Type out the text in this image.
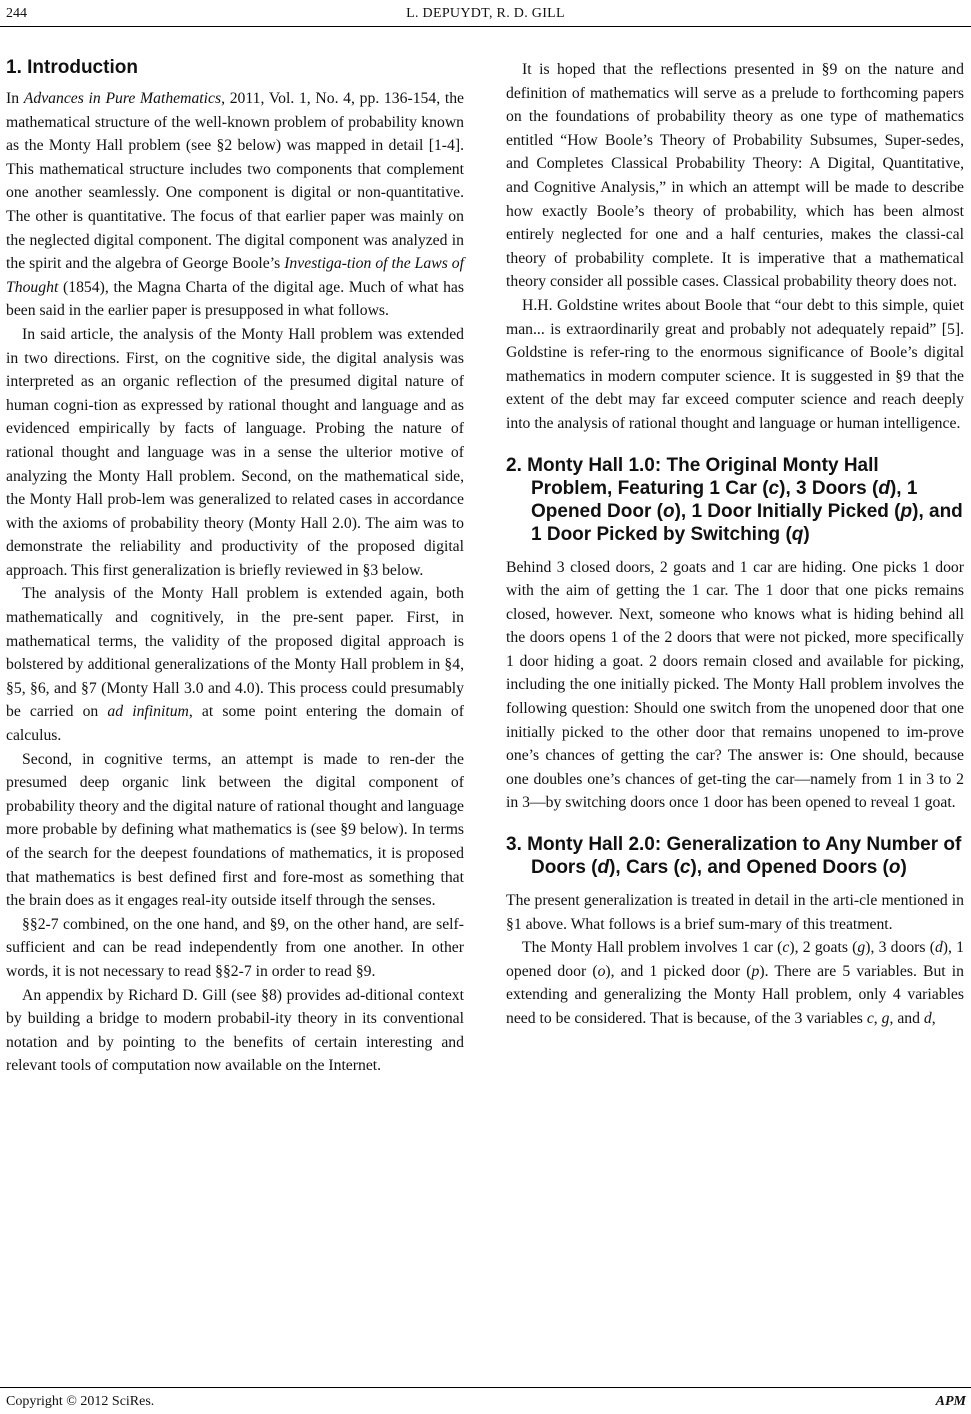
244	L. DEPUYDT, R. D. GILL
1. Introduction

In Advances in Pure Mathematics, 2011, Vol. 1, No. 4, pp. 136-154, the mathematical structure of the well-known problem of probability known as the Monty Hall problem (see §2 below) was mapped in detail [1-4]. This mathematical structure includes two components that complement one another seamlessly. One component is digital or non-quantitative. The other is quantitative. The focus of that earlier paper was mainly on the neglected digital component. The digital component was analyzed in the spirit and the algebra of George Boole’s Investiga-tion of the Laws of Thought (1854), the Magna Charta of the digital age. Much of what has been said in the earlier paper is presupposed in what follows.

In said article, the analysis of the Monty Hall problem was extended in two directions. First, on the cognitive side, the digital analysis was interpreted as an organic reflection of the presumed digital nature of human cogni-tion as expressed by rational thought and language and as evidenced empirically by facts of language. Probing the nature of rational thought and language was in a sense the ulterior motive of analyzing the Monty Hall problem. Second, on the mathematical side, the Monty Hall prob-lem was generalized to related cases in accordance with the axioms of probability theory (Monty Hall 2.0). The aim was to demonstrate the reliability and productivity of the proposed digital approach. This first generalization is briefly reviewed in §3 below.

The analysis of the Monty Hall problem is extended again, both mathematically and cognitively, in the pre-sent paper. First, in mathematical terms, the validity of the proposed digital approach is bolstered by additional generalizations of the Monty Hall problem in §4, §5, §6, and §7 (Monty Hall 3.0 and 4.0). This process could presumably be carried on ad infinitum, at some point entering the domain of calculus.

Second, in cognitive terms, an attempt is made to ren-der the presumed deep organic link between the digital component of probability theory and the digital nature of rational thought and language more probable by defining what mathematics is (see §9 below). In terms of the search for the deepest foundations of mathematics, it is proposed that mathematics is best defined first and fore-most as something that the brain does as it engages real-ity outside itself through the senses.

§§2-7 combined, on the one hand, and §9, on the other hand, are self-sufficient and can be read independently from one another. In other words, it is not necessary to read §§2-7 in order to read §9.

An appendix by Richard D. Gill (see §8) provides ad-ditional context by building a bridge to modern probabil-ity theory in its conventional notation and by pointing to the benefits of certain interesting and relevant tools of computation now available on the Internet.

It is hoped that the reflections presented in §9 on the nature and definition of mathematics will serve as a prelude to forthcoming papers on the foundations of probability theory as one type of mathematics entitled “How Boole’s Theory of Probability Subsumes, Super-sedes, and Completes Classical Probability Theory: A Digital, Quantitative, and Cognitive Analysis,” in which an attempt will be made to describe how exactly Boole’s theory of probability, which has been almost entirely neglected for one and a half centuries, makes the classi-cal theory of probability complete. It is imperative that a mathematical theory consider all possible cases. Classical probability theory does not.

H.H. Goldstine writes about Boole that “our debt to this simple, quiet man... is extraordinarily great and probably not adequately repaid” [5]. Goldstine is refer-ring to the enormous significance of Boole’s digital mathematics in modern computer science. It is suggested in §9 that the extent of the debt may far exceed computer science and reach deeply into the analysis of rational thought and language or human intelligence.

2. Monty Hall 1.0: The Original Monty Hall Problem, Featuring 1 Car (c), 3 Doors (d), 1 Opened Door (o), 1 Door Initially Picked (p), and 1 Door Picked by Switching (q)

Behind 3 closed doors, 2 goats and 1 car are hiding. One picks 1 door with the aim of getting the 1 car. The 1 door that one picks remains closed, however. Next, someone who knows what is hiding behind all the doors opens 1 of the 2 doors that were not picked, more specifically 1 door hiding a goat. 2 doors remain closed and available for picking, including the one initially picked. The Monty Hall problem involves the following question: Should one switch from the unopened door that one initially picked to the other door that remains unopened to im-prove one’s chances of getting the car? The answer is: One should, because one doubles one’s chances of get-ting the car—namely from 1 in 3 to 2 in 3—by switching doors once 1 door has been opened to reveal 1 goat.

3. Monty Hall 2.0: Generalization to Any Number of Doors (d), Cars (c), and Opened Doors (o)

The present generalization is treated in detail in the arti-cle mentioned in §1 above. What follows is a brief sum-mary of this treatment.

The Monty Hall problem involves 1 car (c), 2 goats (g), 3 doors (d), 1 opened door (o), and 1 picked door (p). There are 5 variables. But in extending and generalizing the Monty Hall problem, only 4 variables need to be considered. That is because, of the 3 variables c, g, and d,

Copyright © 2012 SciRes.	APM
